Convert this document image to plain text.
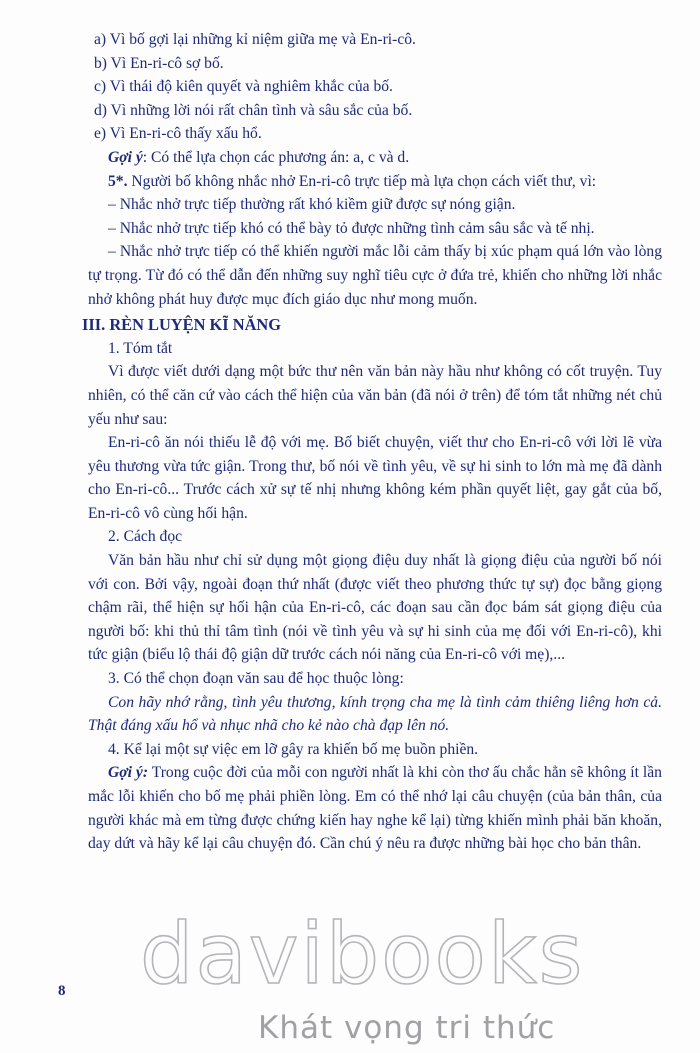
a) Vì bố gợi lại những kỉ niệm giữa mẹ và En-ri-cô.

b) Vì En-ri-cô sợ bố.

c) Vì thái độ kiên quyết và nghiêm khắc của bố.

d) Vì những lời nói rất chân tình và sâu sắc của bố.

e) Vì En-ri-cô thấy xấu hổ.

Gợi ý: Có thể lựa chọn các phương án: a, c và d.

5*. Người bố không nhắc nhở En-ri-cô trực tiếp mà lựa chọn cách viết thư, vì:

– Nhắc nhở trực tiếp thường rất khó kiềm giữ được sự nóng giận.

– Nhắc nhở trực tiếp khó có thể bày tỏ được những tình cảm sâu sắc và tế nhị.

– Nhắc nhở trực tiếp có thể khiến người mắc lỗi cảm thấy bị xúc phạm quá lớn vào lòng tự trọng. Từ đó có thể dẫn đến những suy nghĩ tiêu cực ở đứa trẻ, khiến cho những lời nhắc nhở không phát huy được mục đích giáo dục như mong muốn.

III. RÈN LUYỆN KĨ NĂNG

1. Tóm tắt

Vì được viết dưới dạng một bức thư nên văn bản này hầu như không có cốt truyện. Tuy nhiên, có thể căn cứ vào cách thể hiện của văn bản (đã nói ở trên) để tóm tắt những nét chủ yếu như sau:

En-ri-cô ăn nói thiếu lễ độ với mẹ. Bố biết chuyện, viết thư cho En-ri-cô với lời lẽ vừa yêu thương vừa tức giận. Trong thư, bố nói về tình yêu, về sự hi sinh to lớn mà mẹ đã dành cho En-ri-cô... Trước cách xử sự tế nhị nhưng không kém phần quyết liệt, gay gắt của bố, En-ri-cô vô cùng hối hận.

2. Cách đọc

Văn bản hầu như chỉ sử dụng một giọng điệu duy nhất là giọng điệu của người bố nói với con. Bởi vậy, ngoài đoạn thứ nhất (được viết theo phương thức tự sự) đọc bằng giọng chậm rãi, thể hiện sự hối hận của En-ri-cô, các đoạn sau cần đọc bám sát giọng điệu của người bố: khi thủ thỉ tâm tình (nói về tình yêu và sự hi sinh của mẹ đối với En-ri-cô), khi tức giận (biểu lộ thái độ giận dữ trước cách nói năng của En-ri-cô với mẹ),...

3. Có thể chọn đoạn văn sau để học thuộc lòng:

Con hãy nhớ rằng, tình yêu thương, kính trọng cha mẹ là tình cảm thiêng liêng hơn cả. Thật đáng xấu hổ và nhục nhã cho kẻ nào chà đạp lên nó.

4. Kể lại một sự việc em lỡ gây ra khiến bố mẹ buồn phiền.

Gợi ý: Trong cuộc đời của mỗi con người nhất là khi còn thơ ấu chắc hẳn sẽ không ít lần mắc lỗi khiến cho bố mẹ phải phiền lòng. Em có thể nhớ lại câu chuyện (của bản thân, của người khác mà em từng được chứng kiến hay nghe kể lại) từng khiến mình phải băn khoăn, day dứt và hãy kể lại câu chuyện đó. Cần chú ý nêu ra được những bài học cho bản thân.

8 davibooks
Khát vọng tri thức
